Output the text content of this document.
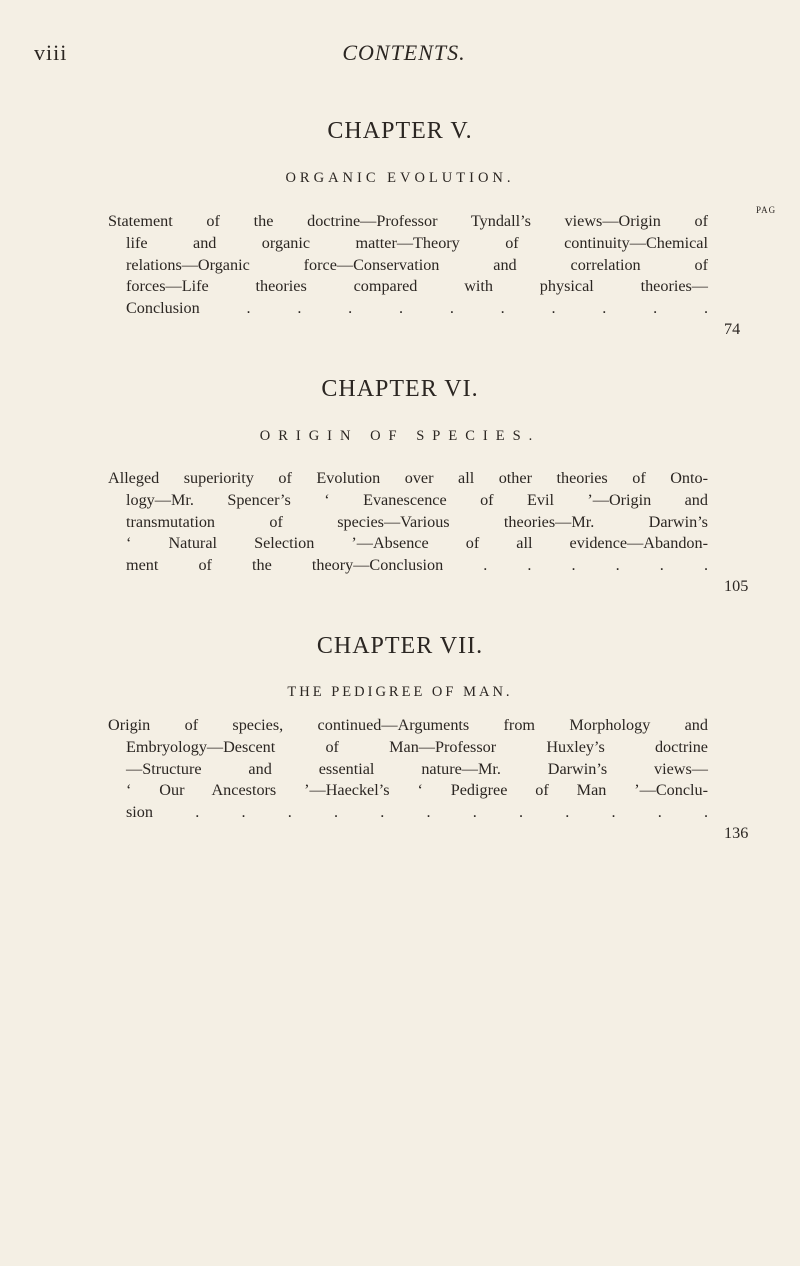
viii	CONTENTS.
CHAPTER V.
ORGANIC EVOLUTION.
PAG
Statement of the doctrine—Professor Tyndall’s views—Origin of
life and organic matter—Theory of continuity—Chemical
relations—Organic force—Conservation and correlation of
forces—Life theories compared with physical theories—
Conclusion . . . . . . . . . .
74
CHAPTER VI.
ORIGIN OF SPECIES.
Alleged superiority of Evolution over all other theories of Onto-
logy—Mr. Spencer’s ‘ Evanescence of Evil ’—Origin and
transmutation of species—Various theories—Mr. Darwin’s
‘ Natural Selection ’—Absence of all evidence—Abandon-
ment of the theory—Conclusion . . . . . .
105
CHAPTER VII.
THE PEDIGREE OF MAN.
Origin of species, continued—Arguments from Morphology and
Embryology—Descent of Man—Professor Huxley’s doctrine
—Structure and essential nature—Mr. Darwin’s views—
‘ Our Ancestors ’—Haeckel’s ‘ Pedigree of Man ’—Conclu-
sion . . . . . . . . . . . .
136
